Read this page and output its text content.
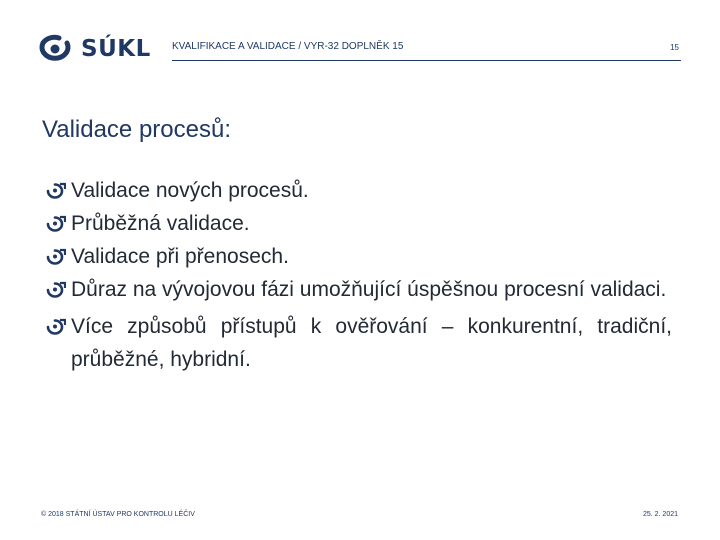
SÚKL KVALIFIKACE A VALIDACE / VYR-32 DOPLNĚK 15	15
Validace procesů:
Validace nových procesů.
Průběžná validace.
Validace při přenosech.
Důraz na vývojovou fázi umožňující úspěšnou procesní validaci.
Více způsobů přístupů k ověřování – konkurentní, tradiční, průběžné, hybridní.
© 2018 STÁTNÍ ÚSTAV PRO KONTROLU LÉČIV	25. 2. 2021
